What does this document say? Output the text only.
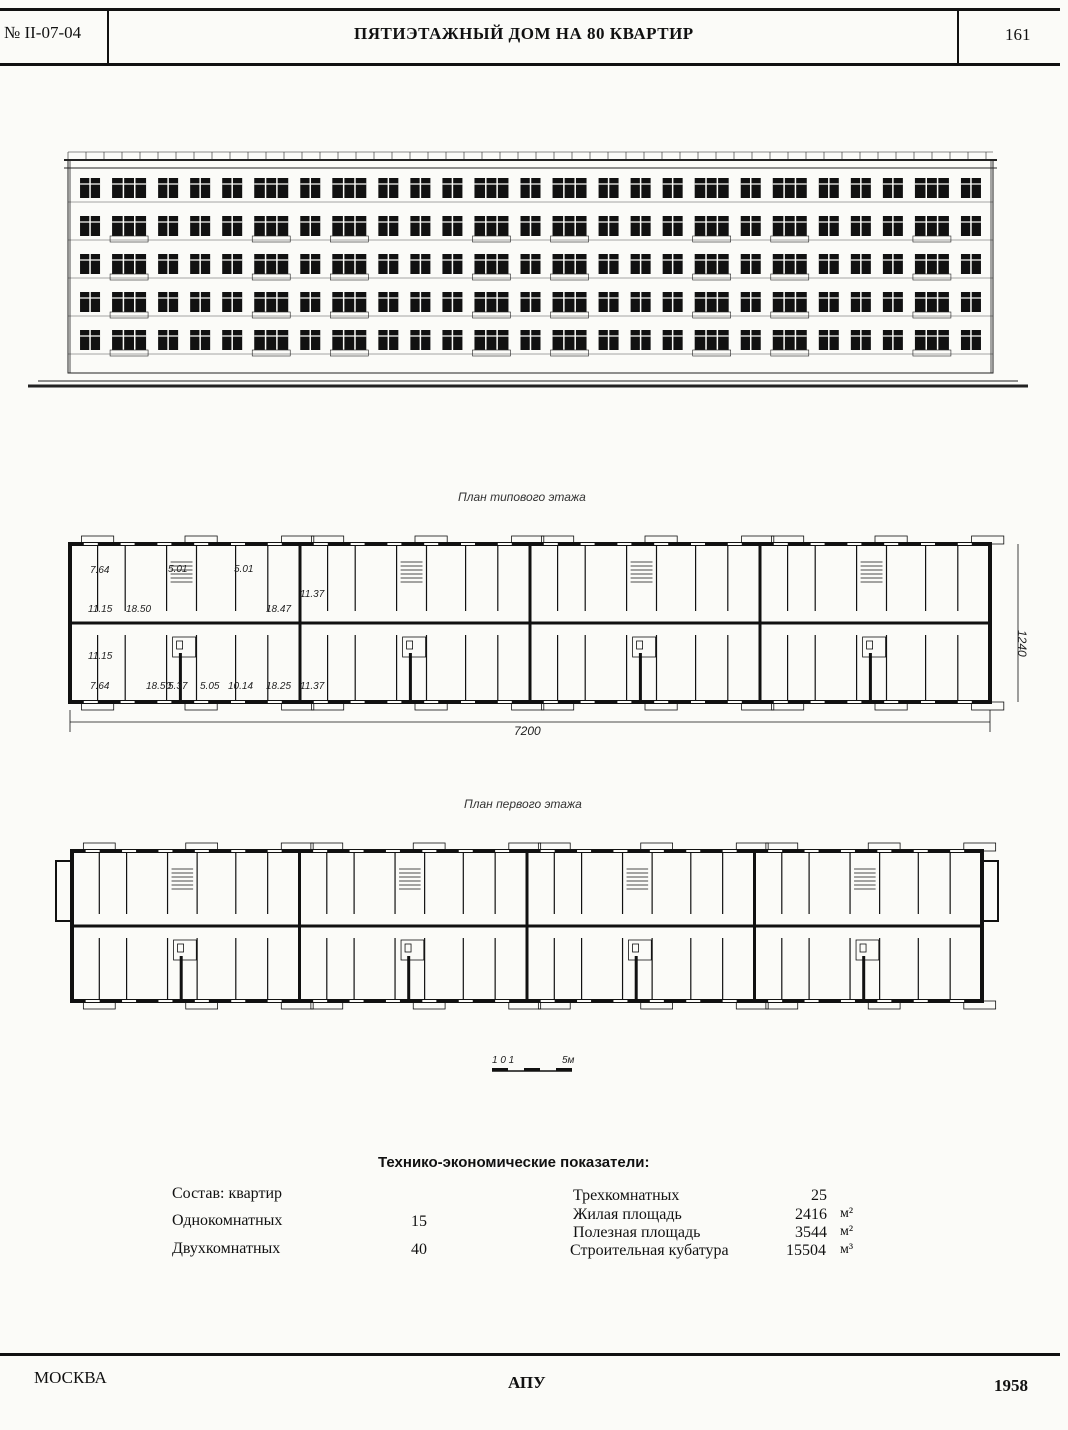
№ II-07-04	ПЯТИЭТАЖНЫЙ ДОМ НА 80 КВАРТИР	161
План типового этажа
7200
1240
7.64	5.01	5.01
11.37
11.15 18.50	18.47
11.15
7.64	18.50
5.37 5.05 10.14 18.25 11.37
План первого этажа
1 0 1	5м
Технико-экономические показатели:
Состав: квартир
Однокомнатных	15
Двухкомнатных	40
Трехкомнатных	25
Жилая площадь	2416 м²
Полезная площадь	3544 м²
Строительная кубатура	15504 м³
МОСКВА	АПУ	1958
